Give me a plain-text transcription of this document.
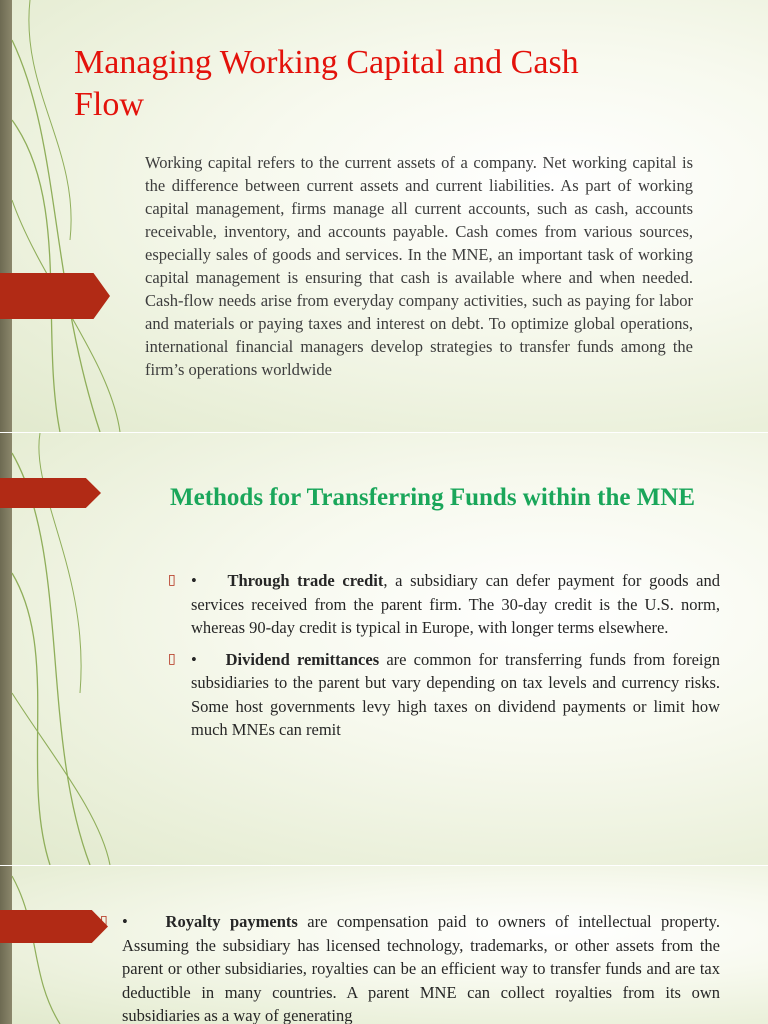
Managing Working Capital and Cash Flow

Working capital refers to the current assets of a company. Net working capital is the difference between current assets and current liabilities. As part of working capital management, firms manage all current accounts, such as cash, accounts receivable, inventory, and accounts payable. Cash comes from various sources, especially sales of goods and services. In the MNE, an important task of working capital management is ensuring that cash is available where and when needed. Cash-flow needs arise from everyday company activities, such as paying for labor and materials or paying taxes and interest on debt. To optimize global operations, international financial managers develop strategies to transfer funds among the firm’s operations worldwide

Methods for Transferring Funds within the MNE
▯ • Through trade credit, a subsidiary can defer payment for goods and services received from the parent firm. The 30-day credit is the U.S. norm, whereas 90-day credit is typical in Europe, with longer terms elsewhere.
▯ • Dividend remittances are common for transferring funds from foreign subsidiaries to the parent but vary depending on tax levels and currency risks. Some host governments levy high taxes on dividend payments or limit how much MNEs can remit
▯ • Royalty payments are compensation paid to owners of intellectual property. Assuming the subsidiary has licensed technology, trademarks, or other assets from the parent or other subsidiaries, royalties can be an efficient way to transfer funds and are tax deductible in many countries. A parent MNE can collect royalties from its own subsidiaries as a way of generating
